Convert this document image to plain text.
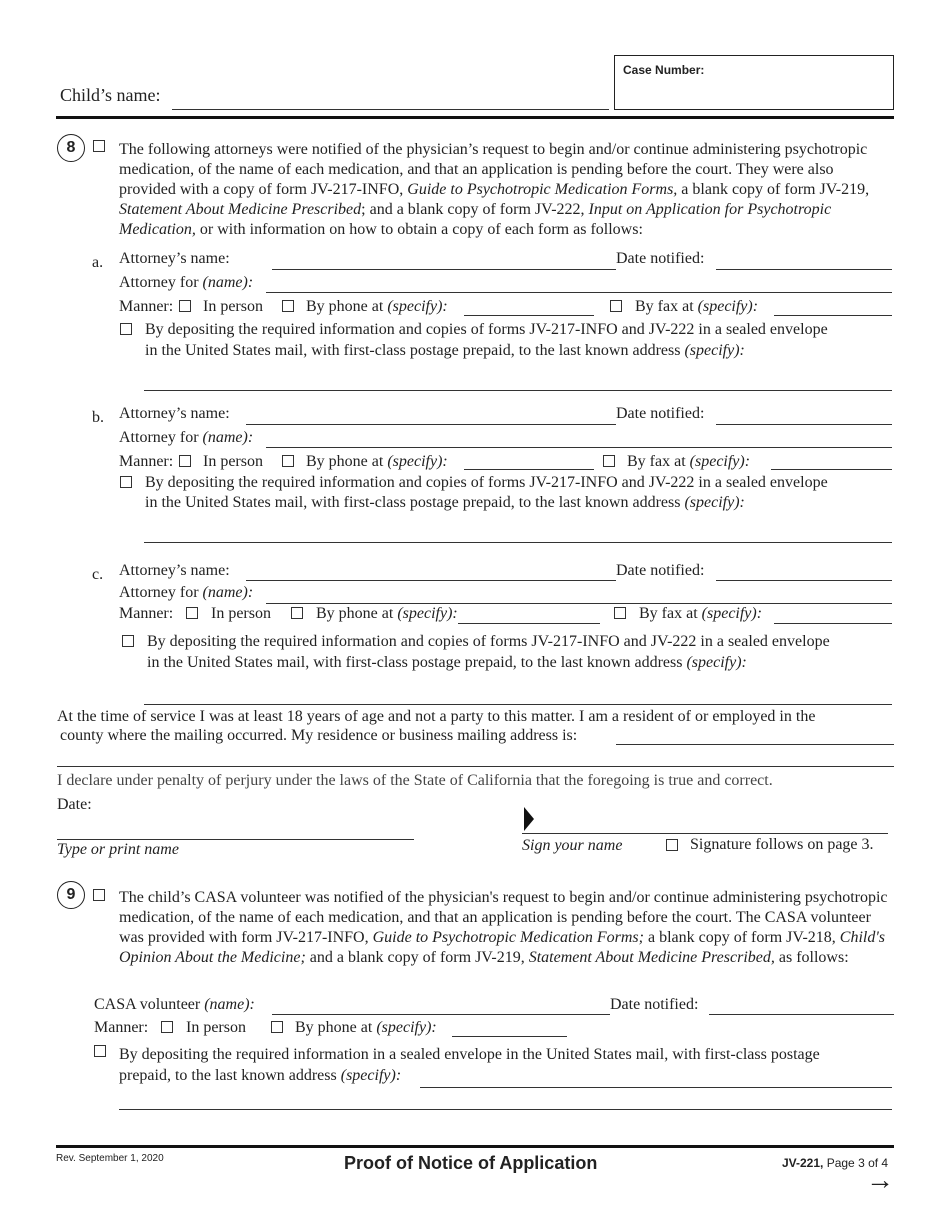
Child’s name:
Case Number:
8	The following attorneys were notified of the physician’s request to begin and/or continue administering psychotropic medication, of the name of each medication, and that an application is pending before the court. They were also provided with a copy of form JV-217-INFO, Guide to Psychotropic Medication Forms, a blank copy of form JV-219, Statement About Medicine Prescribed; and a blank copy of form JV-222, Input on Application for Psychotropic Medication, or with information on how to obtain a copy of each form as follows:
a. Attorney’s name:	Date notified:
Attorney for (name):
Manner: In person	By phone at (specify):	By fax at (specify):
By depositing the required information and copies of forms JV-217-INFO and JV-222 in a sealed envelope
in the United States mail, with first-class postage prepaid, to the last known address (specify):
b. Attorney’s name:	Date notified:
Attorney for (name):
Manner: In person	By phone at (specify):	By fax at (specify):
By depositing the required information and copies of forms JV-217-INFO and JV-222 in a sealed envelope
in the United States mail, with first-class postage prepaid, to the last known address (specify):
c. Attorney’s name:	Date notified:
Attorney for (name):
Manner: In person	By phone at (specify):	By fax at (specify):
By depositing the required information and copies of forms JV-217-INFO and JV-222 in a sealed envelope
in the United States mail, with first-class postage prepaid, to the last known address (specify):
At the time of service I was at least 18 years of age and not a party to this matter. I am a resident of or employed in the
county where the mailing occurred. My residence or business mailing address is:
I declare under penalty of perjury under the laws of the State of California that the foregoing is true and correct.
Date:
Type or print name	Sign your name	Signature follows on page 3.
9	The child’s CASA volunteer was notified of the physician's request to begin and/or continue administering psychotropic medication, of the name of each medication, and that an application is pending before the court. The CASA volunteer was provided with form JV-217-INFO, Guide to Psychotropic Medication Forms; a blank copy of form JV-218, Child's Opinion About the Medicine; and a blank copy of form JV-219, Statement About Medicine Prescribed, as follows:
CASA volunteer (name):	Date notified:
Manner: In person	By phone at (specify):
By depositing the required information in a sealed envelope in the United States mail, with first-class postage
prepaid, to the last known address (specify):
Rev. September 1, 2020	Proof of Notice of Application	JV-221, Page 3 of 4
→
